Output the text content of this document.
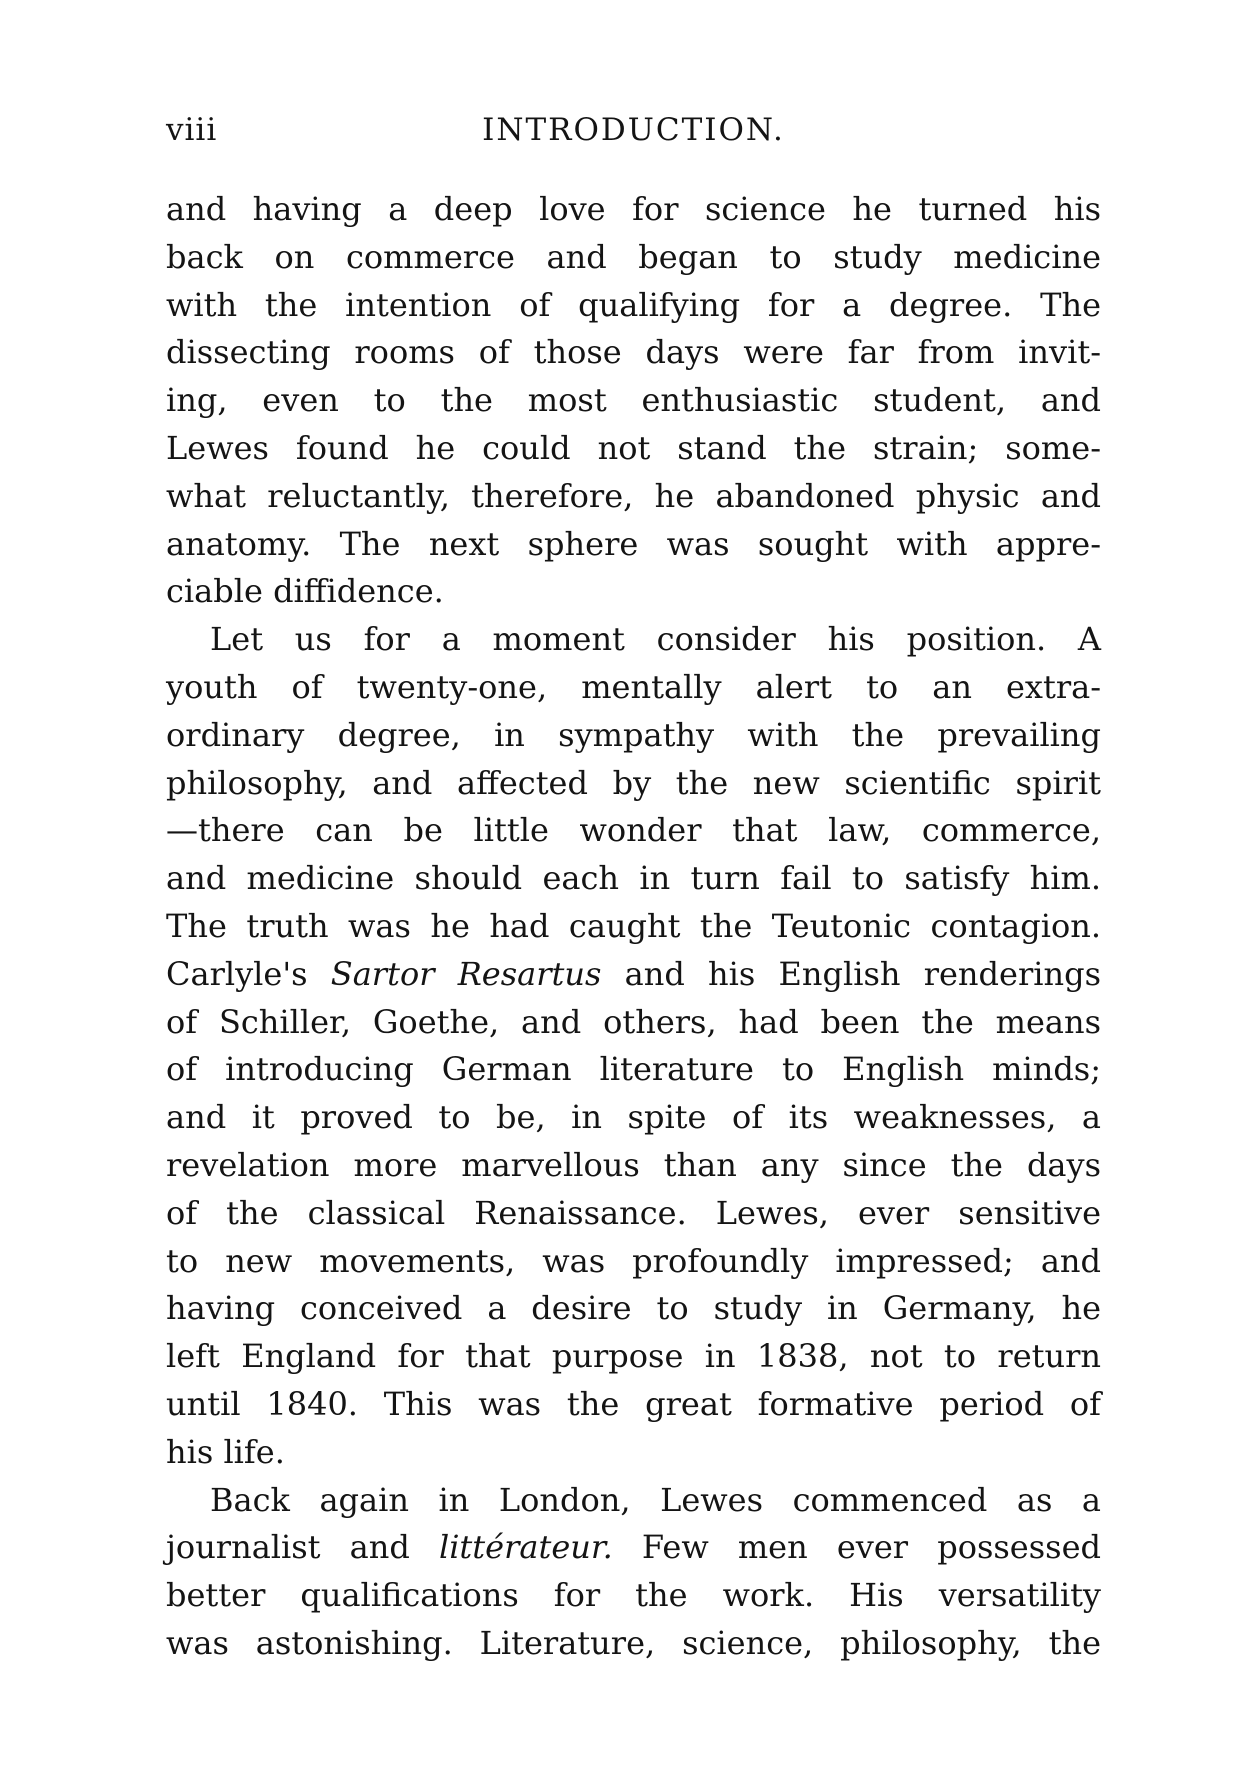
viii	INTRODUCTION.
and having a deep love for science he turned his
back on commerce and began to study medicine
with the intention of qualifying for a degree. The
dissecting rooms of those days were far from invit-
ing, even to the most enthusiastic student, and
Lewes found he could not stand the strain; some-
what reluctantly, therefore, he abandoned physic and
anatomy. The next sphere was sought with appre-
ciable diffidence.
Let us for a moment consider his position. A
youth of twenty-one, mentally alert to an extra-
ordinary degree, in sympathy with the prevailing
philosophy, and affected by the new scientific spirit
—there can be little wonder that law, commerce,
and medicine should each in turn fail to satisfy him.
The truth was he had caught the Teutonic contagion.
Carlyle's Sartor Resartus and his English renderings
of Schiller, Goethe, and others, had been the means
of introducing German literature to English minds;
and it proved to be, in spite of its weaknesses, a
revelation more marvellous than any since the days
of the classical Renaissance. Lewes, ever sensitive
to new movements, was profoundly impressed; and
having conceived a desire to study in Germany, he
left England for that purpose in 1838, not to return
until 1840. This was the great formative period of
his life.
Back again in London, Lewes commenced as a
journalist and littérateur. Few men ever possessed
better qualifications for the work. His versatility
was astonishing. Literature, science, philosophy, the
